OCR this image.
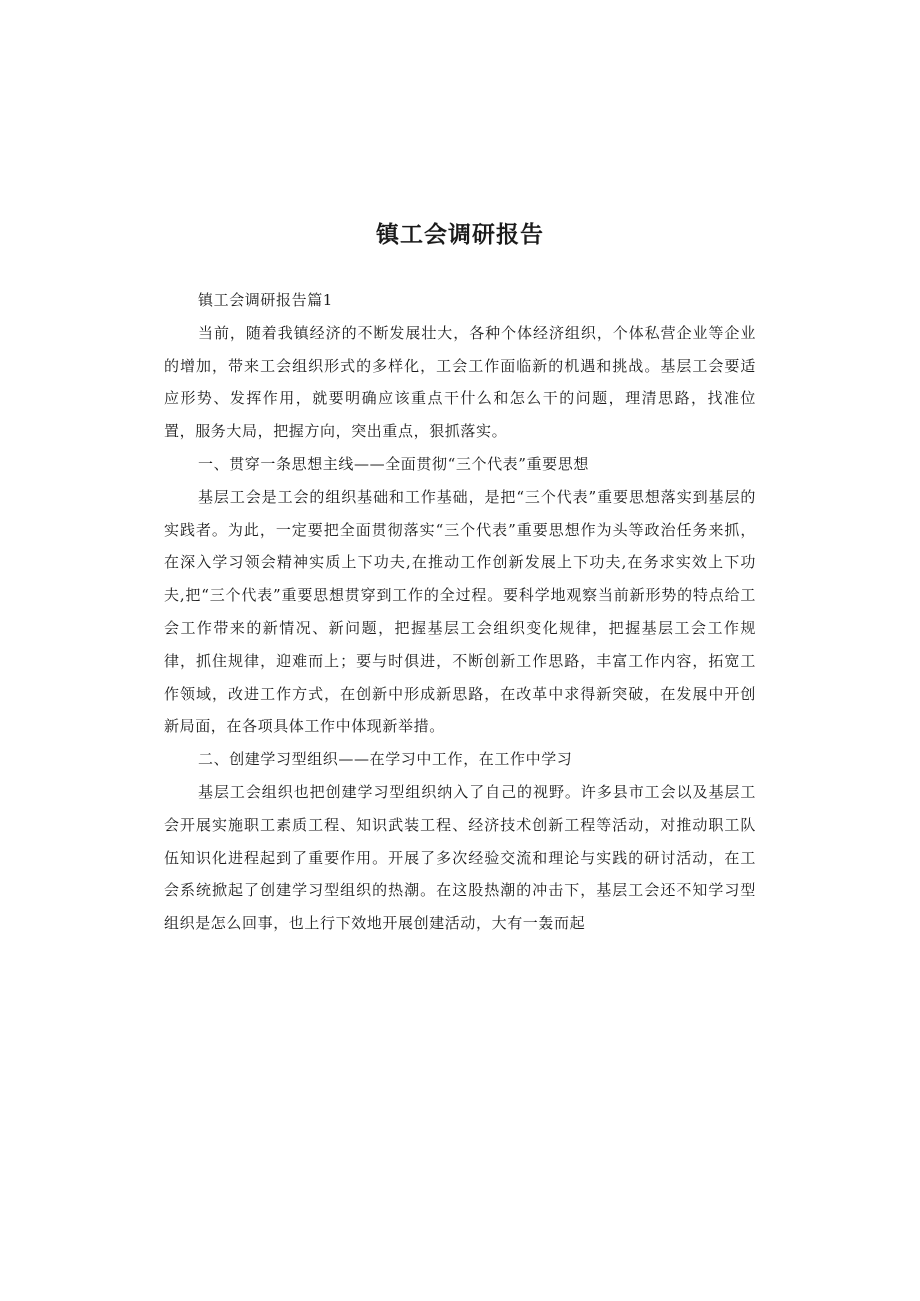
镇工会调研报告

镇工会调研报告篇1

当前，随着我镇经济的不断发展壮大，各种个体经济组织，个体私营企业等企业的增加，带来工会组织形式的多样化，工会工作面临新的机遇和挑战。基层工会要适应形势、发挥作用，就要明确应该重点干什么和怎么干的问题，理清思路，找准位置，服务大局，把握方向，突出重点，狠抓落实。

一、贯穿一条思想主线——全面贯彻“三个代表”重要思想

基层工会是工会的组织基础和工作基础，是把“三个代表”重要思想落实到基层的实践者。为此，一定要把全面贯彻落实“三个代表”重要思想作为头等政治任务来抓，在深入学习领会精神实质上下功夫,在推动工作创新发展上下功夫,在务求实效上下功夫,把“三个代表”重要思想贯穿到工作的全过程。要科学地观察当前新形势的特点给工会工作带来的新情况、新问题，把握基层工会组织变化规律，把握基层工会工作规律，抓住规律，迎难而上；要与时俱进，不断创新工作思路，丰富工作内容，拓宽工作领域，改进工作方式，在创新中形成新思路，在改革中求得新突破，在发展中开创新局面，在各项具体工作中体现新举措。

二、创建学习型组织——在学习中工作，在工作中学习

基层工会组织也把创建学习型组织纳入了自己的视野。许多县市工会以及基层工会开展实施职工素质工程、知识武装工程、经济技术创新工程等活动，对推动职工队伍知识化进程起到了重要作用。开展了多次经验交流和理论与实践的研讨活动，在工会系统掀起了创建学习型组织的热潮。在这股热潮的冲击下，基层工会还不知学习型组织是怎么回事，也上行下效地开展创建活动，大有一轰而起
